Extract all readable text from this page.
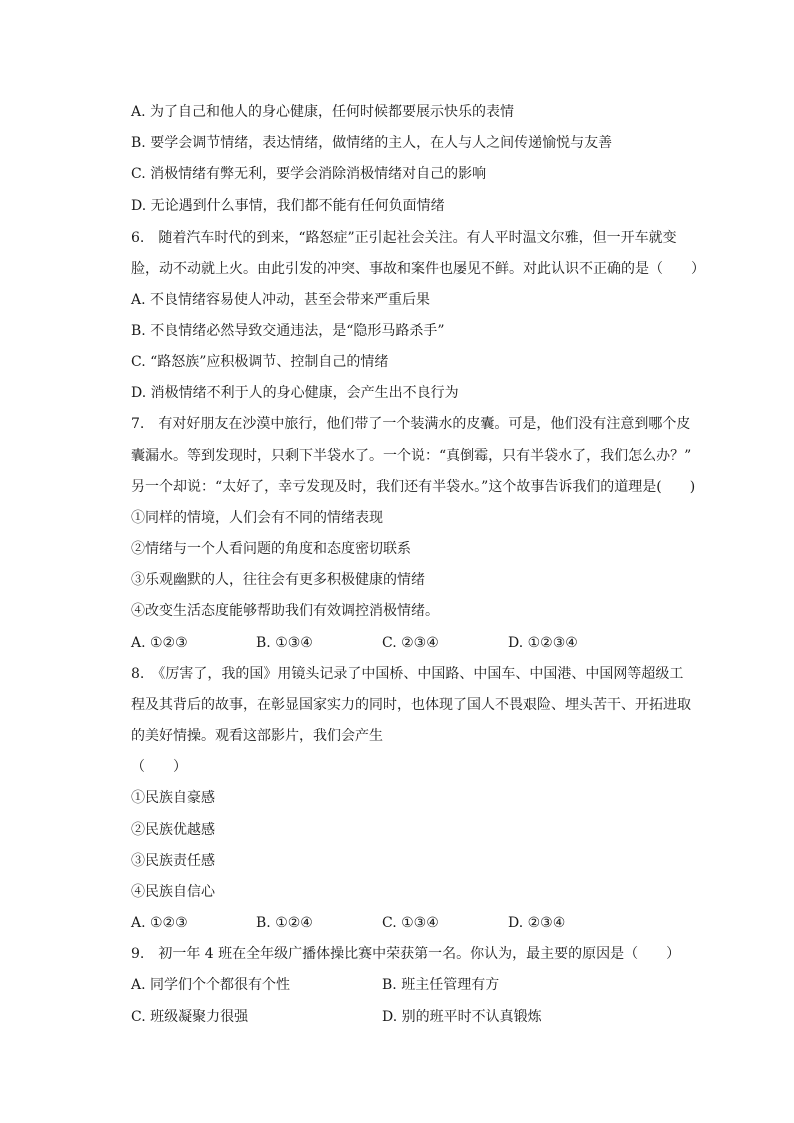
A. 为了自己和他人的身心健康，任何时候都要展示快乐的表情
B. 要学会调节情绪，表达情绪，做情绪的主人，在人与人之间传递愉悦与友善
C. 消极情绪有弊无利，要学会消除消极情绪对自己的影响
D. 无论遇到什么事情，我们都不能有任何负面情绪
6.　随着汽车时代的到来，“路怒症”正引起社会关注。有人平时温文尔雅，但一开车就变
脸，动不动就上火。由此引发的冲突、事故和案件也屡见不鲜。对此认识不正确的是（　　）
A. 不良情绪容易使人冲动，甚至会带来严重后果
B. 不良情绪必然导致交通违法，是“隐形马路杀手”
C. “路怒族”应积极调节、控制自己的情绪
D. 消极情绪不利于人的身心健康，会产生出不良行为
7.　有对好朋友在沙漠中旅行，他们带了一个装满水的皮囊。可是，他们没有注意到哪个皮
囊漏水。等到发现时，只剩下半袋水了。一个说：“真倒霉，只有半袋水了，我们怎么办？”
另一个却说：“太好了，幸亏发现及时，我们还有半袋水。”这个故事告诉我们的道理是(　　)
①同样的情境，人们会有不同的情绪表现
②情绪与一个人看问题的角度和态度密切联系
③乐观幽默的人，往往会有更多积极健康的情绪
④改变生活态度能够帮助我们有效调控消极情绪。
A. ①②③	B. ①③④	C. ②③④	D. ①②③④
8.　《厉害了，我的国》用镜头记录了中国桥、中国路、中国车、中国港、中国网等超级工
程及其背后的故事，在彰显国家实力的同时，也体现了国人不畏艰险、埋头苦干、开拓进取
的美好情操。观看这部影片，我们会产生
（　　）
①民族自豪感
②民族优越感
③民族责任感
④民族自信心
A. ①②③	B. ①②④	C. ①③④	D. ②③④
9.　初一年 4 班在全年级广播体操比赛中荣获第一名。你认为，最主要的原因是（　　）
A. 同学们个个都很有个性	B. 班主任管理有方
C. 班级凝聚力很强	D. 别的班平时不认真锻炼
